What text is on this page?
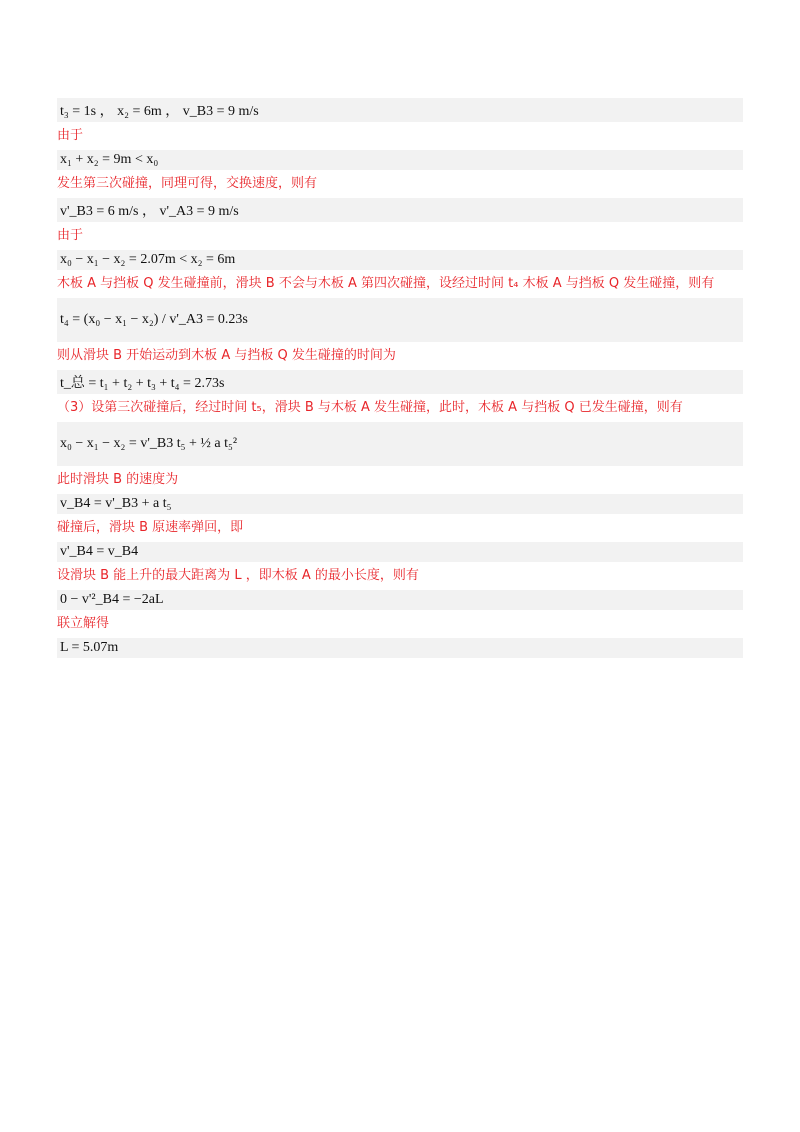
t₃ = 1s ， x₂ = 6m ， v_B3 = 9 m/s
由于
x₁ + x₂ = 9m < x₀
发生第三次碰撞，同理可得，交换速度，则有
v'_B3 = 6 m/s ， v'_A3 = 9 m/s
由于
x₀ − x₁ − x₂ = 2.07m < x₂ = 6m
木板 A 与挡板 Q 发生碰撞前，滑块 B 不会与木板 A 第四次碰撞，设经过时间 t₄ 木板 A 与挡板 Q 发生碰撞，则有
t₄ = (x₀ − x₁ − x₂) / v'_A3 = 0.23s
则从滑块 B 开始运动到木板 A 与挡板 Q 发生碰撞的时间为
t_总 = t₁ + t₂ + t₃ + t₄ = 2.73s
（3）设第三次碰撞后，经过时间 t₅，滑块 B 与木板 A 发生碰撞，此时，木板 A 与挡板 Q 已发生碰撞，则有
x₀ − x₁ − x₂ = v'_B3 t₅ + ½ a t₅²
此时滑块 B 的速度为
v_B4 = v'_B3 + a t₅
碰撞后，滑块 B 原速率弹回，即
v'_B4 = v_B4
设滑块 B 能上升的最大距离为 L ，即木板 A 的最小长度，则有
0 − v'²_B4 = −2aL
联立解得
L = 5.07m
